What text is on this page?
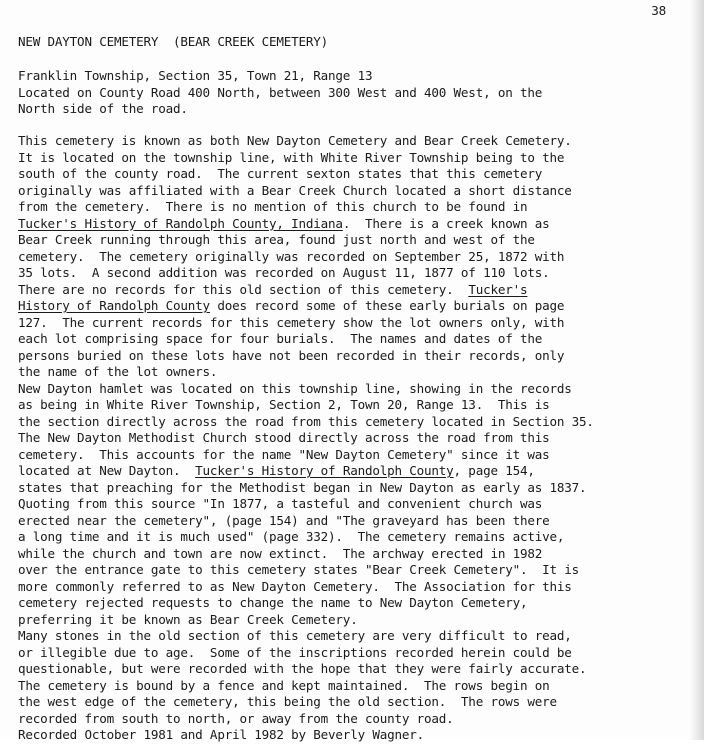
38
NEW DAYTON CEMETERY  (BEAR CREEK CEMETERY)
Franklin Township, Section 35, Town 21, Range 13
Located on County Road 400 North, between 300 West and 400 West, on the
North side of the road.
This cemetery is known as both New Dayton Cemetery and Bear Creek Cemetery.
It is located on the township line, with White River Township being to the
south of the county road.  The current sexton states that this cemetery
originally was affiliated with a Bear Creek Church located a short distance
from the cemetery.  There is no mention of this church to be found in
Tucker's History of Randolph County, Indiana.  There is a creek known as
Bear Creek running through this area, found just north and west of the
cemetery.  The cemetery originally was recorded on September 25, 1872 with
35 lots.  A second addition was recorded on August 11, 1877 of 110 lots.
There are no records for this old section of this cemetery.  Tucker's
History of Randolph County does record some of these early burials on page
127.  The current records for this cemetery show the lot owners only, with
each lot comprising space for four burials.  The names and dates of the
persons buried on these lots have not been recorded in their records, only
the name of the lot owners.
New Dayton hamlet was located on this township line, showing in the records
as being in White River Township, Section 2, Town 20, Range 13.  This is
the section directly across the road from this cemetery located in Section 35.
The New Dayton Methodist Church stood directly across the road from this
cemetery.  This accounts for the name "New Dayton Cemetery" since it was
located at New Dayton.  Tucker's History of Randolph County, page 154,
states that preaching for the Methodist began in New Dayton as early as 1837.
Quoting from this source "In 1877, a tasteful and convenient church was
erected near the cemetery", (page 154) and "The graveyard has been there
a long time and it is much used" (page 332).  The cemetery remains active,
while the church and town are now extinct.  The archway erected in 1982
over the entrance gate to this cemetery states "Bear Creek Cemetery".  It is
more commonly referred to as New Dayton Cemetery.  The Association for this
cemetery rejected requests to change the name to New Dayton Cemetery,
preferring it be known as Bear Creek Cemetery.
Many stones in the old section of this cemetery are very difficult to read,
or illegible due to age.  Some of the inscriptions recorded herein could be
questionable, but were recorded with the hope that they were fairly accurate.
The cemetery is bound by a fence and kept maintained.  The rows begin on
the west edge of the cemetery, this being the old section.  The rows were
recorded from south to north, or away from the county road.
Recorded October 1981 and April 1982 by Beverly Wagner.
